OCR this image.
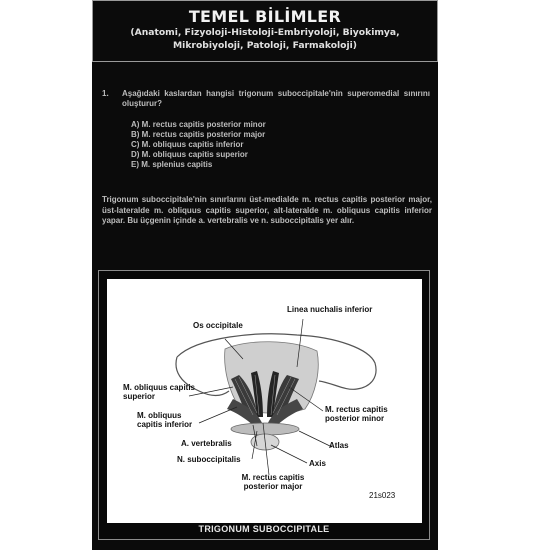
TEMEL BİLİMLER
(Anatomi, Fizyoloji-Histoloji-Embriyoloji, Biyokimya, Mikrobiyoloji, Patoloji, Farmakoloji)
1. Aşağıdaki kaslardan hangisi trigonum suboccipitale'nin superomedial sınırını oluşturur?
A) M. rectus capitis posterior minor
B) M. rectus capitis posterior major
C) M. obliquus capitis inferior
D) M. obliquus capitis superior
E) M. splenius capitis
Trigonum suboccipitale'nin sınırlarını üst-medialde m. rectus capitis posterior major, üst-lateralde m. obliquus capitis superior, alt-lateralde m. obliquus capitis inferior yapar. Bu üçgenin içinde a. vertebralis ve n. suboccipitalis yer alır.
Linea nuchalis inferior
Os occipitale
M. obliquus capitis superior
M. obliquus capitis inferior
M. rectus capitis posterior minor
A. vertebralis	Atlas
N. suboccipitalis	Axis
M. rectus capitis posterior major
21s023
TRIGONUM SUBOCCIPITALE
